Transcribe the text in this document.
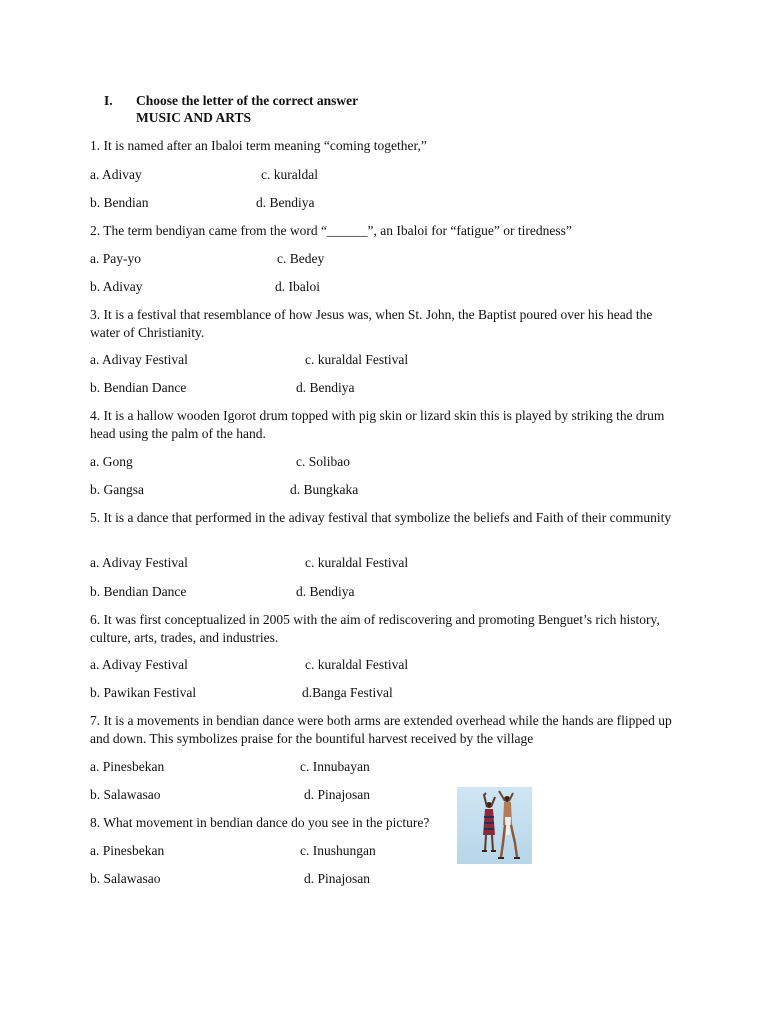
I. Choose the letter of the correct answer
MUSIC AND ARTS
1. It is named after an Ibaloi term meaning “coming together,”
a. Adivay	c. kuraldal
b. Bendian	d. Bendiya
2. The term bendiyan came from the word “______”, an Ibaloi for “fatigue” or tiredness”
a. Pay-yo	c. Bedey
b. Adivay	d. Ibaloi
3. It is a festival that resemblance of how Jesus was, when St. John, the Baptist poured over his head the water of Christianity.
a. Adivay Festival	c. kuraldal Festival
b. Bendian Dance	d. Bendiya
4. It is a hallow wooden Igorot drum topped with pig skin or lizard skin this is played by striking the drum head using the palm of the hand.
a. Gong	c. Solibao
b. Gangsa	d. Bungkaka
5. It is a dance that performed in the adivay festival that symbolize the beliefs and Faith of their community
a. Adivay Festival	c. kuraldal Festival
b. Bendian Dance	d. Bendiya
6. It was first conceptualized in 2005 with the aim of rediscovering and promoting Benguet’s rich history, culture, arts, trades, and industries.
a. Adivay Festival	c. kuraldal Festival
b. Pawikan Festival	d.Banga Festival
7. It is a movements in bendian dance were both arms are extended overhead while the hands are flipped up and down. This symbolizes praise for the bountiful harvest received by the village
a. Pinesbekan	c. Innubayan
b. Salawasao	d. Pinajosan
8. What movement in bendian dance do you see in the picture?
a. Pinesbekan	c. Inushungan
b. Salawasao	d. Pinajosan
